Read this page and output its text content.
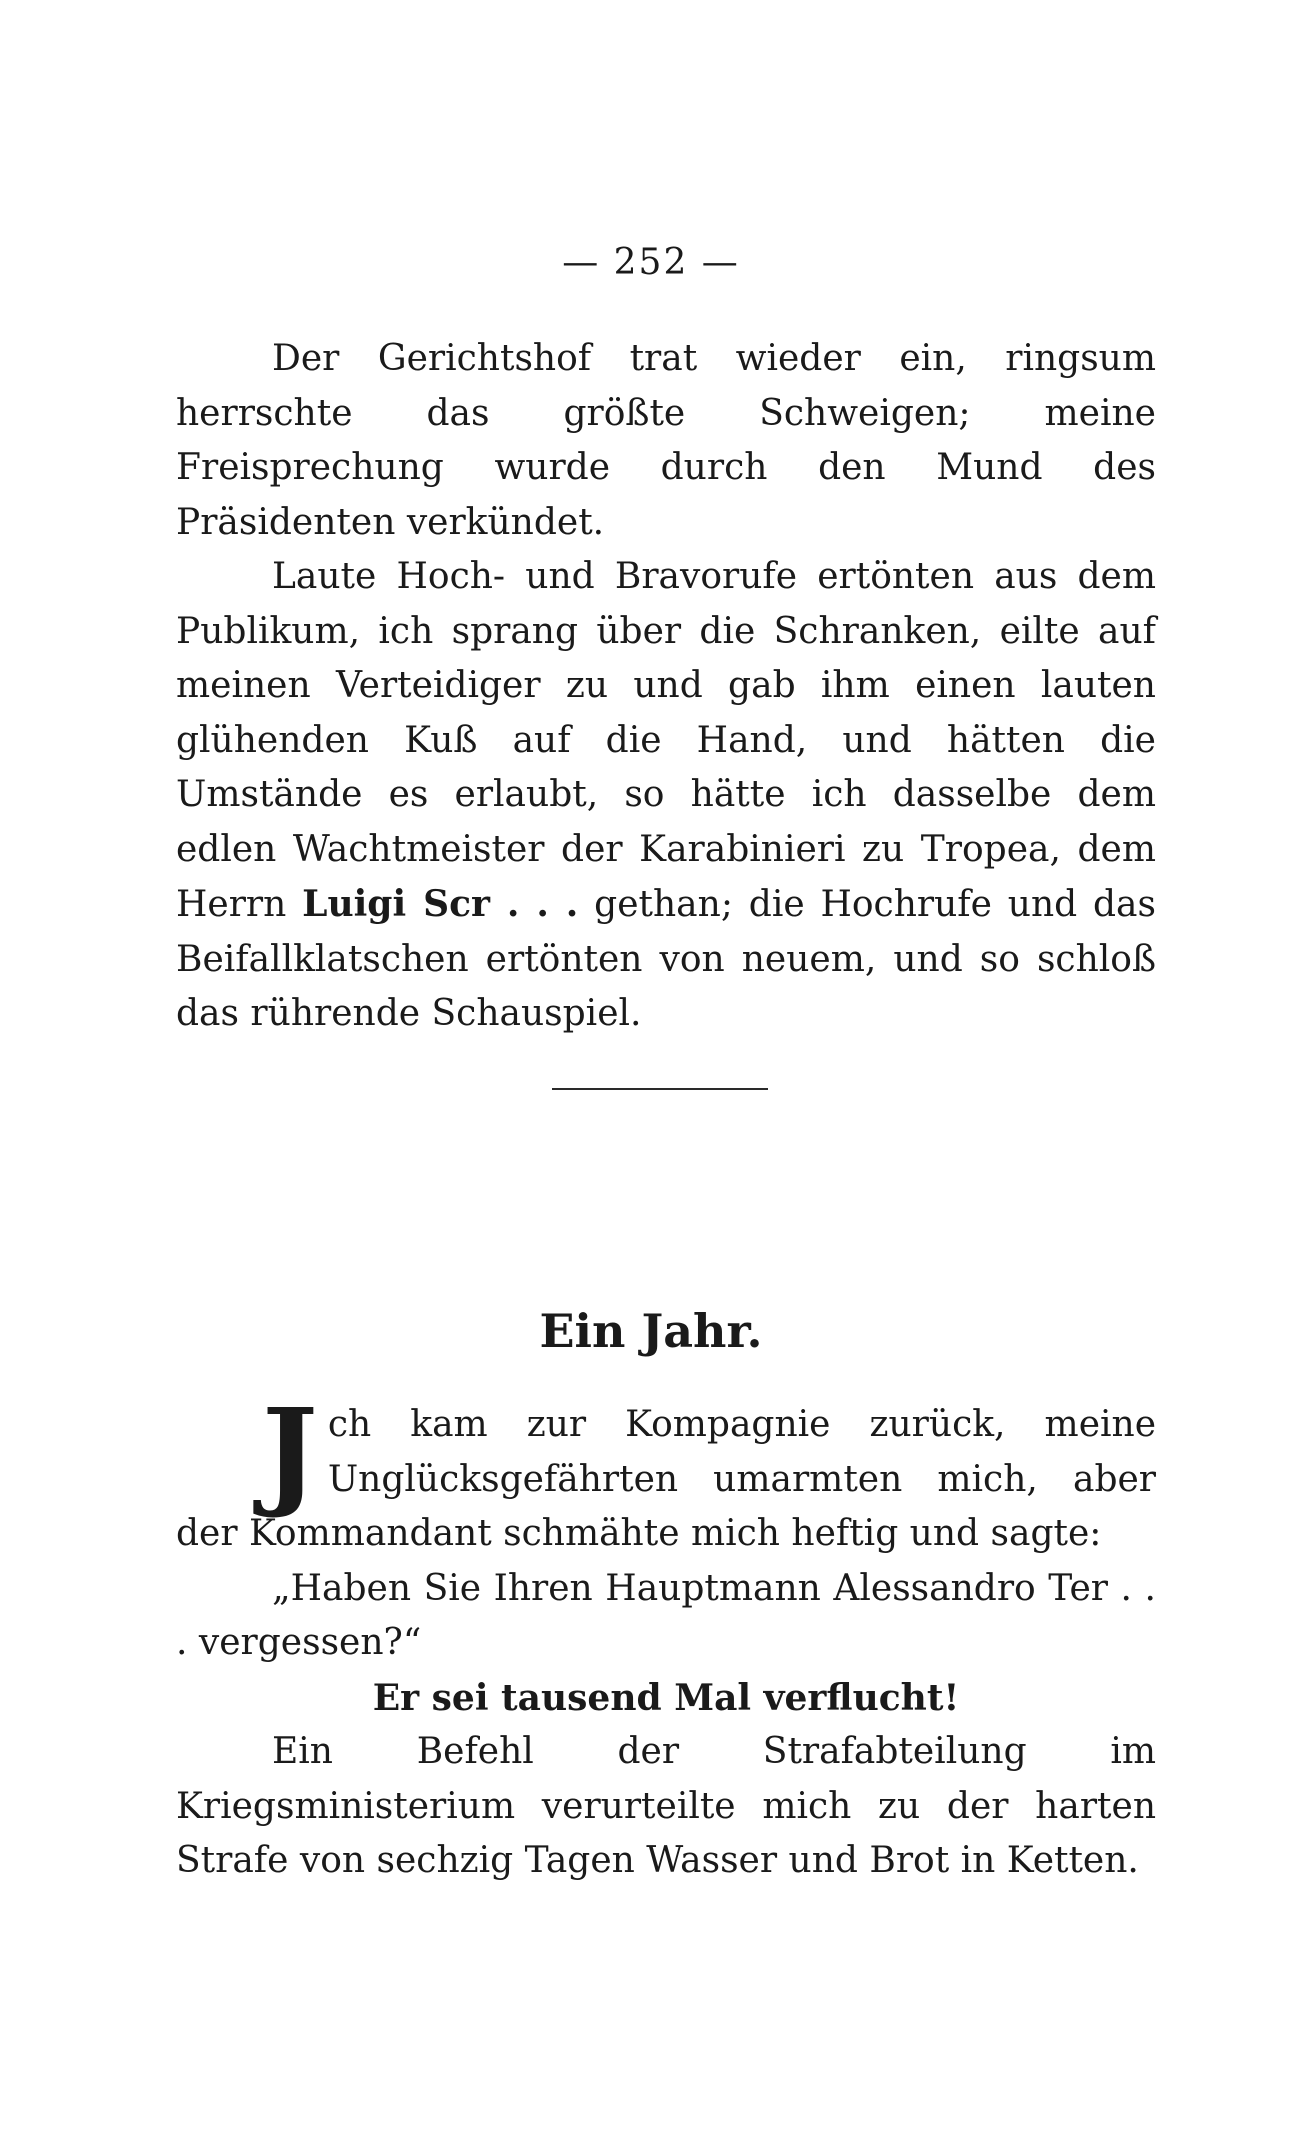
— 252 —

Der Gerichtshof trat wieder ein, ringsum herrschte das größte Schweigen; meine Freisprechung wurde durch den Mund des Präsidenten verkündet.

Laute Hoch- und Bravorufe ertönten aus dem Publikum, ich sprang über die Schranken, eilte auf meinen Verteidiger zu und gab ihm einen lauten glühenden Kuß auf die Hand, und hätten die Umstände es erlaubt, so hätte ich dasselbe dem edlen Wachtmeister der Karabinieri zu Tropea, dem Herrn Luigi Scr . . . gethan; die Hochrufe und das Beifallklatschen ertönten von neuem, und so schloß das rührende Schauspiel.

Ein Jahr.

Jch kam zur Kompagnie zurück, meine Unglücksgefährten umarmten mich, aber der Kommandant schmähte mich heftig und sagte:

„Haben Sie Ihren Hauptmann Alessandro Ter . . . vergessen?“

Er sei tausend Mal verflucht!

Ein Befehl der Strafabteilung im Kriegsministerium verurteilte mich zu der harten Strafe von sechzig Tagen Wasser und Brot in Ketten.
